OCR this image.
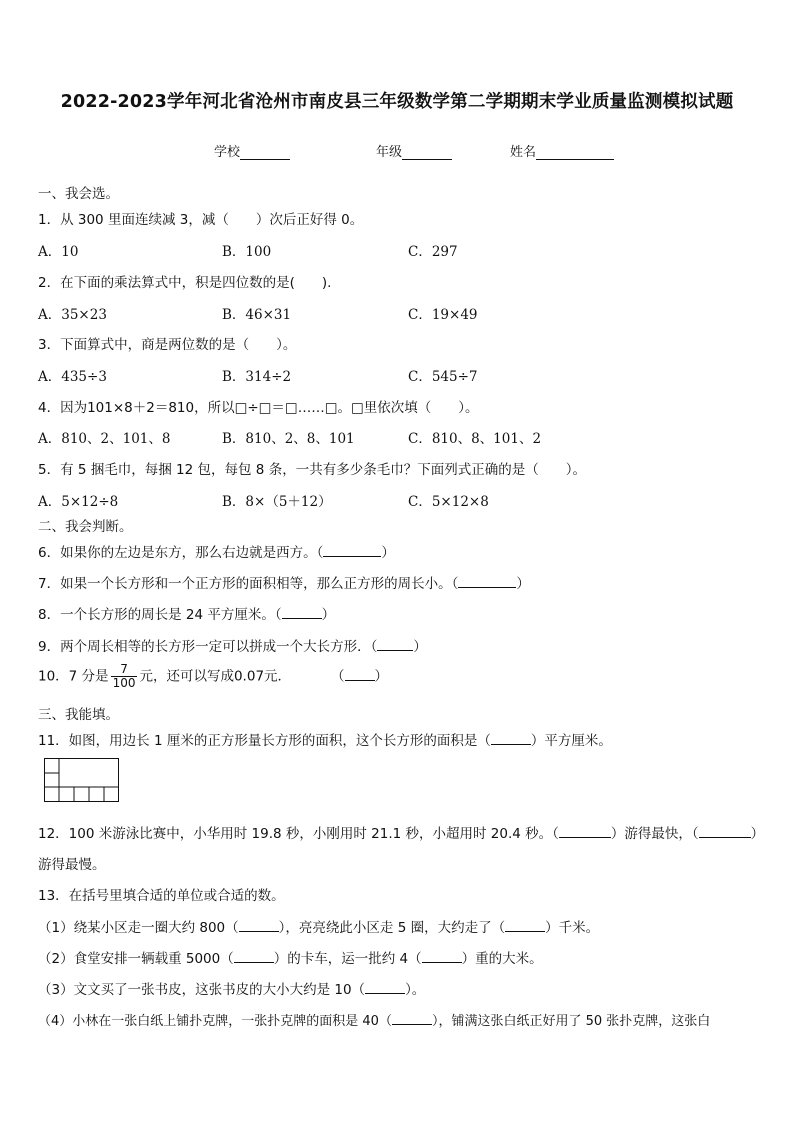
2022-2023学年河北省沧州市南皮县三年级数学第二学期期末学业质量监测模拟试题
学校	年级	姓名
一、我会选。
1．从 300 里面连续减 3，减（　　）次后正好得 0。
A．10	B．100	C．297
2．在下面的乘法算式中，积是四位数的是(　　).
A．35×23	B．46×31	C．19×49
3．下面算式中，商是两位数的是（　　）。
A．435÷3	B．314÷2	C．545÷7
4．因为101×8＋2＝810，所以□÷□＝□……□。□里依次填（　　）。
A．810、2、101、8	B．810、2、8、101	C．810、8、101、2
5．有 5 捆毛巾，每捆 12 包，每包 8 条，一共有多少条毛巾？下面列式正确的是（　　）。
A．5×12÷8	B．8×（5＋12）	C．5×12×8
二、我会判断。
6．如果你的左边是东方，那么右边就是西方。（	）
7．如果一个长方形和一个正方形的面积相等，那么正方形的周长小。（	）
8．一个长方形的周长是 24 平方厘米。（	）
9．两个周长相等的长方形一定可以拼成一个大长方形．（	）
10．7 分是 $\frac{7}{100}$ 元，还可以写成0.07元．	（ ）
三、我能填。
11．如图，用边长 1 厘米的正方形量长方形的面积，这个长方形的面积是（	）平方厘米。
12．100 米游泳比赛中，小华用时 19.8 秒，小刚用时 21.1 秒，小超用时 20.4 秒。（	）游得最快，（	）
游得最慢。
13．在括号里填合适的单位或合适的数。
（1）绕某小区走一圈大约 800（	），亮亮绕此小区走 5 圈，大约走了（	）千米。
（2）食堂安排一辆载重 5000（	）的卡车，运一批约 4（	）重的大米。
（3）文文买了一张书皮，这张书皮的大小大约是 10（	）。
（4）小林在一张白纸上铺扑克牌，一张扑克牌的面积是 40（	），铺满这张白纸正好用了 50 张扑克牌，这张白
